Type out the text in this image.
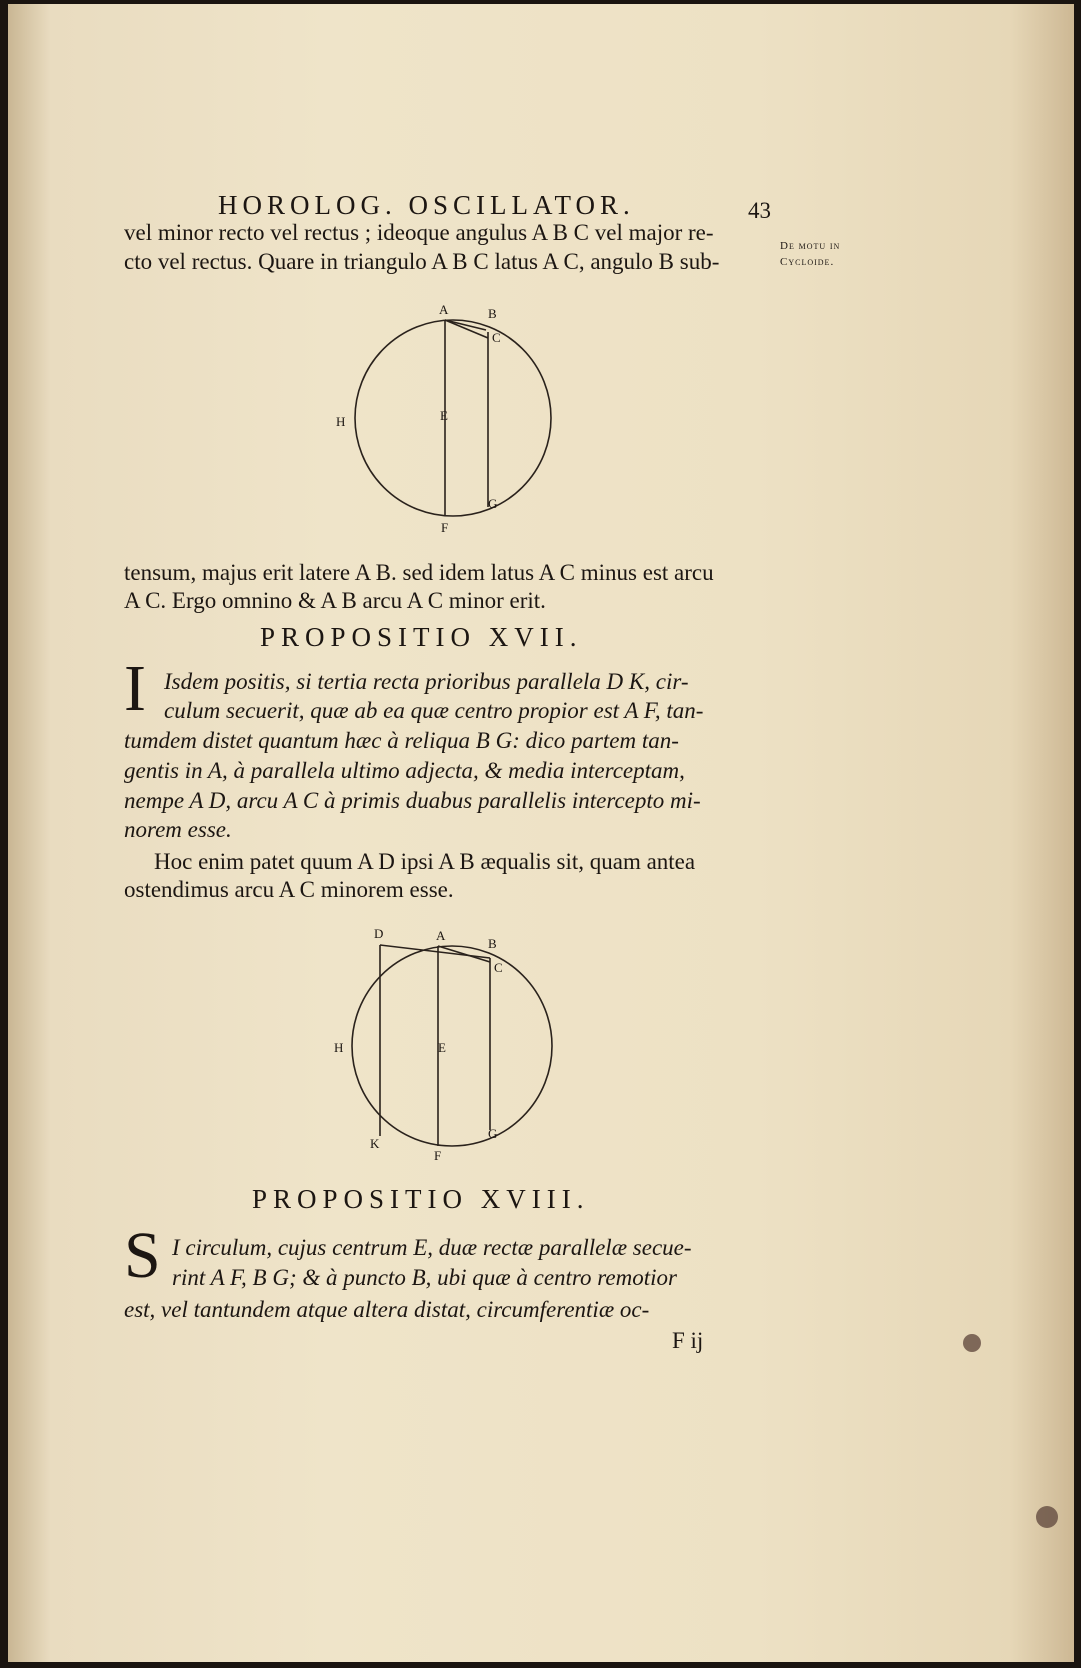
HOROLOG. OSCILLATOR.	43
De motu in
Cycloide.
vel minor recto vel rectus ; ideoque angulus A B C vel major re-
cto vel rectus. Quare in triangulo A B C latus A C, angulo B sub-
A	B
C
E
H
G
F
tensum, majus erit latere A B. sed idem latus A C minus est arcu
A C. Ergo omnino & A B arcu A C minor erit.
PROPOSITIO XVII.
I Isdem positis, si tertia recta prioribus parallela D K, cir-
culum secuerit, quæ ab ea quæ centro propior est A F, tan-
tumdem distet quantum hæc à reliqua B G: dico partem tan-
gentis in A, à parallela ultimo adjecta, & media interceptam,
nempe A D, arcu A C à primis duabus parallelis intercepto mi-
norem esse.
Hoc enim patet quum A D ipsi A B æqualis sit, quam antea
ostendimus arcu A C minorem esse.
D	A
B
C
E
H
G
K
F
PROPOSITIO XVIII.
S I circulum, cujus centrum E, duæ rectæ parallelæ secue-
rint A F, B G; & à puncto B, ubi quæ à centro remotior
est, vel tantundem atque altera distat, circumferentiæ oc-
F ij
